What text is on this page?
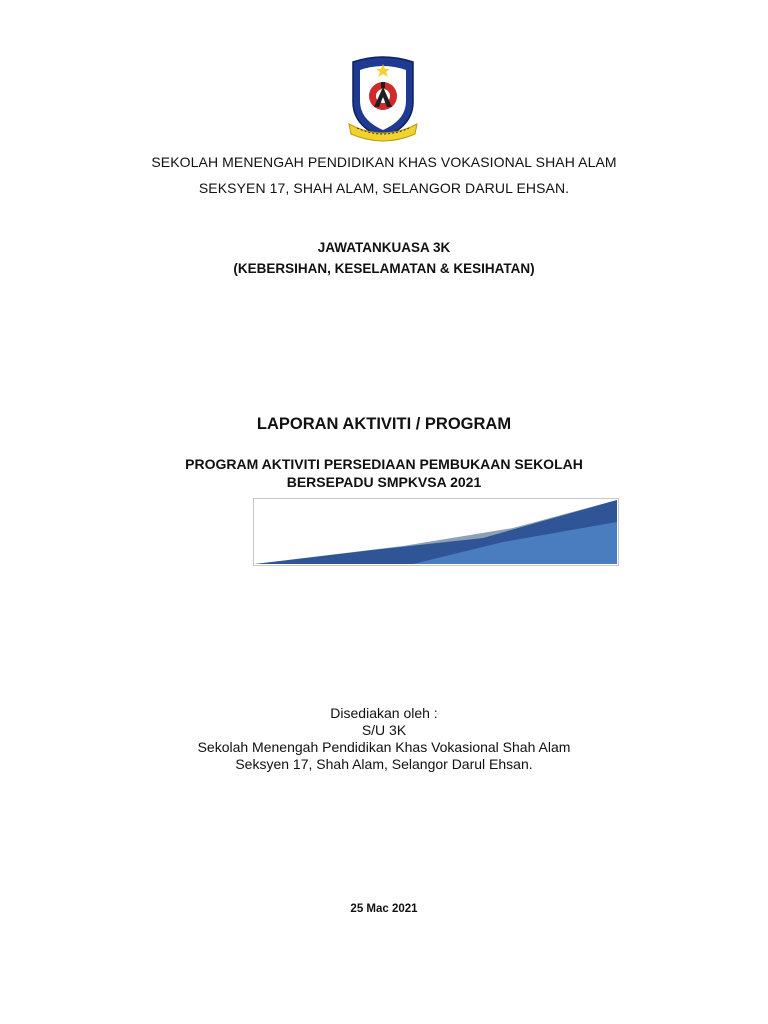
SEKOLAH MENENGAH PENDIDIKAN KHAS VOKASIONAL SHAH ALAM
SEKSYEN 17, SHAH ALAM, SELANGOR DARUL EHSAN.
JAWATANKUASA 3K
(KEBERSIHAN, KESELAMATAN & KESIHATAN)
LAPORAN AKTIVITI / PROGRAM
PROGRAM AKTIVITI PERSEDIAAN PEMBUKAAN SEKOLAH
BERSEPADU SMPKVSA 2021
Disediakan oleh :
S/U 3K
Sekolah Menengah Pendidikan Khas Vokasional Shah Alam
Seksyen 17, Shah Alam, Selangor Darul Ehsan.
25 Mac 2021
